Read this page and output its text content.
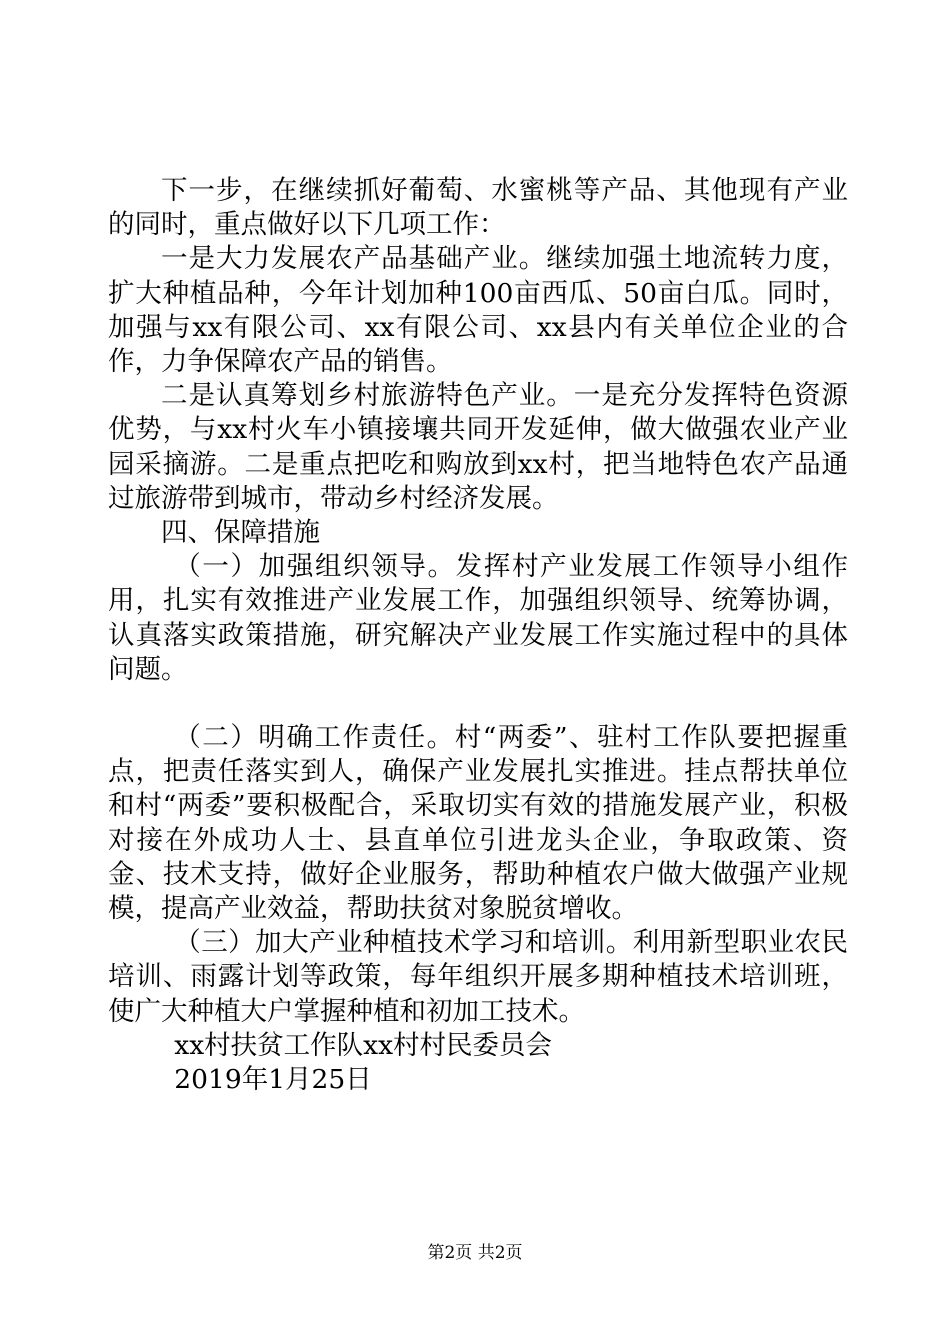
下一步，在继续抓好葡萄、水蜜桃等产品、其他现有产业的同时，重点做好以下几项工作：

一是大力发展农产品基础产业。继续加强土地流转力度，扩大种植品种，今年计划加种100亩西瓜、50亩白瓜。同时，加强与xx有限公司、xx有限公司、xx县内有关单位企业的合作，力争保障农产品的销售。

二是认真筹划乡村旅游特色产业。一是充分发挥特色资源优势，与xx村火车小镇接壤共同开发延伸，做大做强农业产业园采摘游。二是重点把吃和购放到xx村，把当地特色农产品通过旅游带到城市，带动乡村经济发展。

四、保障措施

（一）加强组织领导。发挥村产业发展工作领导小组作用，扎实有效推进产业发展工作，加强组织领导、统筹协调，认真落实政策措施，研究解决产业发展工作实施过程中的具体问题。

（二）明确工作责任。村“两委”、驻村工作队要把握重点，把责任落实到人，确保产业发展扎实推进。挂点帮扶单位和村“两委”要积极配合，采取切实有效的措施发展产业，积极对接在外成功人士、县直单位引进龙头企业，争取政策、资金、技术支持，做好企业服务，帮助种植农户做大做强产业规模，提高产业效益，帮助扶贫对象脱贫增收。

（三）加大产业种植技术学习和培训。利用新型职业农民培训、雨露计划等政策，每年组织开展多期种植技术培训班，使广大种植大户掌握种植和初加工技术。

xx村扶贫工作队xx村村民委员会

2019年1月25日

第2页 共2页
